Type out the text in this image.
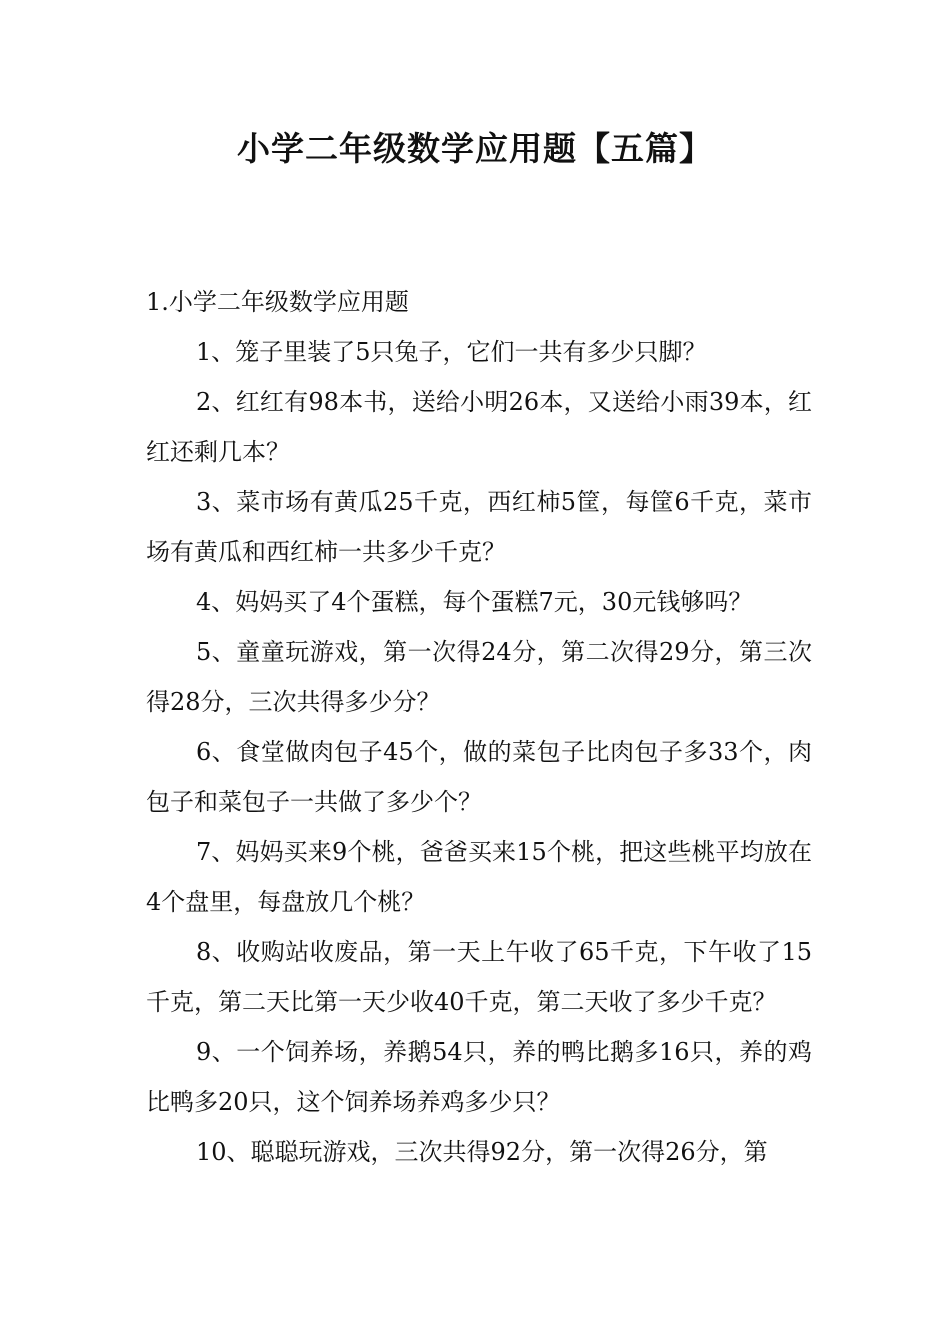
小学二年级数学应用题【五篇】

1.小学二年级数学应用题

1、笼子里装了5只兔子，它们一共有多少只脚？

2、红红有98本书，送给小明26本，又送给小雨39本，红红还剩几本？

3、菜市场有黄瓜25千克，西红柿5筐，每筐6千克，菜市场有黄瓜和西红柿一共多少千克？

4、妈妈买了4个蛋糕，每个蛋糕7元，30元钱够吗？

5、童童玩游戏，第一次得24分，第二次得29分，第三次得28分，三次共得多少分？

6、食堂做肉包子45个，做的菜包子比肉包子多33个，肉包子和菜包子一共做了多少个？

7、妈妈买来9个桃，爸爸买来15个桃，把这些桃平均放在4个盘里，每盘放几个桃？

8、收购站收废品，第一天上午收了65千克，下午收了15千克，第二天比第一天少收40千克，第二天收了多少千克？

9、一个饲养场，养鹅54只，养的鸭比鹅多16只，养的鸡比鸭多20只，这个饲养场养鸡多少只？

10、聪聪玩游戏，三次共得92分，第一次得26分，第
